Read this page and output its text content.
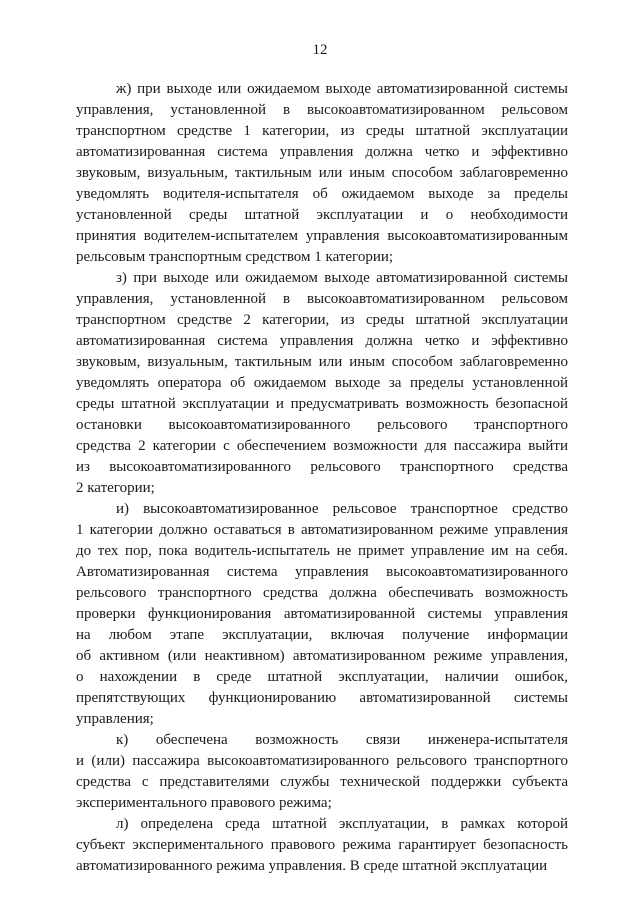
12
ж) при выходе или ожидаемом выходе автоматизированной системы
управления, установленной в высокоавтоматизированном рельсовом
транспортном средстве 1 категории, из среды штатной эксплуатации
автоматизированная система управления должна четко и эффективно
звуковым, визуальным, тактильным или иным способом заблаговременно
уведомлять водителя-испытателя об ожидаемом выходе за пределы
установленной среды штатной эксплуатации и о необходимости
принятия водителем-испытателем управления высокоавтоматизированным
рельсовым транспортным средством 1 категории;
з) при выходе или ожидаемом выходе автоматизированной системы
управления, установленной в высокоавтоматизированном рельсовом
транспортном средстве 2 категории, из среды штатной эксплуатации
автоматизированная система управления должна четко и эффективно
звуковым, визуальным, тактильным или иным способом заблаговременно
уведомлять оператора об ожидаемом выходе за пределы установленной
среды штатной эксплуатации и предусматривать возможность безопасной
остановки высокоавтоматизированного рельсового транспортного
средства 2 категории с обеспечением возможности для пассажира выйти
из высокоавтоматизированного рельсового транспортного средства
2 категории;
и) высокоавтоматизированное рельсовое транспортное средство
1 категории должно оставаться в автоматизированном режиме управления
до тех пор, пока водитель-испытатель не примет управление им на себя.
Автоматизированная система управления высокоавтоматизированного
рельсового транспортного средства должна обеспечивать возможность
проверки функционирования автоматизированной системы управления
на любом этапе эксплуатации, включая получение информации
об активном (или неактивном) автоматизированном режиме управления,
о нахождении в среде штатной эксплуатации, наличии ошибок,
препятствующих функционированию автоматизированной системы
управления;
к) обеспечена возможность связи инженера-испытателя
и (или) пассажира высокоавтоматизированного рельсового транспортного
средства с представителями службы технической поддержки субъекта
экспериментального правового режима;
л) определена среда штатной эксплуатации, в рамках которой
субъект экспериментального правового режима гарантирует безопасность
автоматизированного режима управления. В среде штатной эксплуатации
